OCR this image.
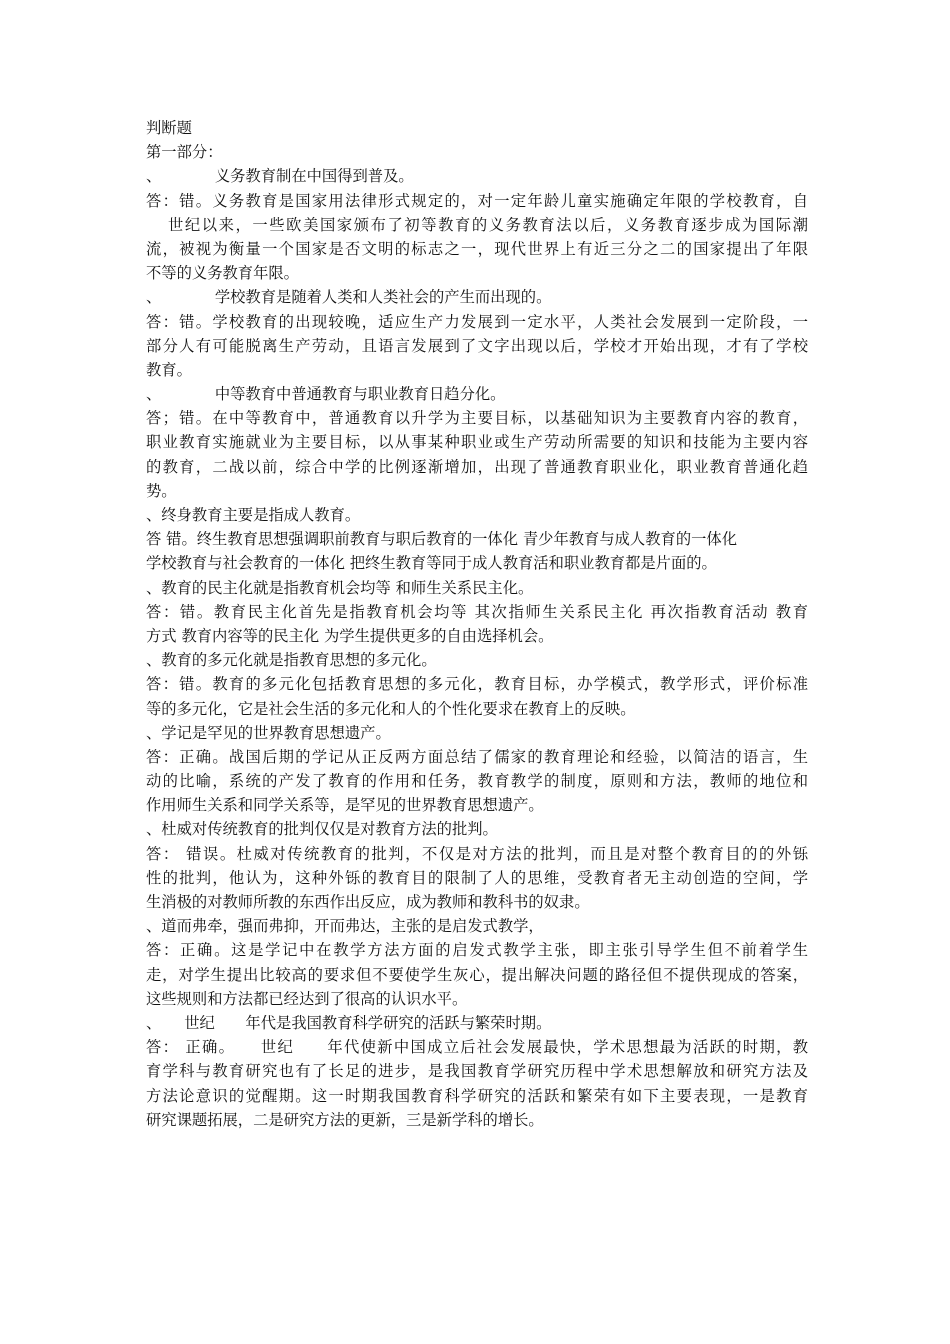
判断题
第一部分：
、　　　　义务教育制在中国得到普及。
答：错。义务教育是国家用法律形式规定的，对一定年龄儿童实施确定年限的学校教育，自
世纪以来，一些欧美国家颁布了初等教育的义务教育法以后，义务教育逐步成为国际潮
流，被视为衡量一个国家是否文明的标志之一，现代世界上有近三分之二的国家提出了年限
不等的义务教育年限。
、　　　　学校教育是随着人类和人类社会的产生而出现的。
答：错。学校教育的出现较晚，适应生产力发展到一定水平，人类社会发展到一定阶段，一
部分人有可能脱离生产劳动，且语言发展到了文字出现以后，学校才开始出现，才有了学校
教育。
、　　　　中等教育中普通教育与职业教育日趋分化。
答；错。在中等教育中，普通教育以升学为主要目标，以基础知识为主要教育内容的教育，
职业教育实施就业为主要目标，以从事某种职业或生产劳动所需要的知识和技能为主要内容
的教育，二战以前，综合中学的比例逐渐增加，出现了普通教育职业化，职业教育普通化趋
势。
、终身教育主要是指成人教育。
答 错。终生教育思想强调职前教育与职后教育的一体化 青少年教育与成人教育的一体化
学校教育与社会教育的一体化 把终生教育等同于成人教育活和职业教育都是片面的。
、教育的民主化就是指教育机会均等 和师生关系民主化。
答：错。教育民主化首先是指教育机会均等 其次指师生关系民主化 再次指教育活动 教育
方式 教育内容等的民主化 为学生提供更多的自由选择机会。
、教育的多元化就是指教育思想的多元化。
答：错。教育的多元化包括教育思想的多元化，教育目标，办学模式，教学形式，评价标准
等的多元化，它是社会生活的多元化和人的个性化要求在教育上的反映。
、学记是罕见的世界教育思想遗产。
答：正确。战国后期的学记从正反两方面总结了儒家的教育理论和经验，以简洁的语言，生
动的比喻，系统的产发了教育的作用和任务，教育教学的制度，原则和方法，教师的地位和
作用师生关系和同学关系等，是罕见的世界教育思想遗产。
、杜威对传统教育的批判仅仅是对教育方法的批判。
答： 错误。杜威对传统教育的批判，不仅是对方法的批判，而且是对整个教育目的的外铄
性的批判，他认为，这种外铄的教育目的限制了人的思维，受教育者无主动创造的空间，学
生消极的对教师所教的东西作出反应，成为教师和教科书的奴隶。
、道而弗牵，强而弗抑，开而弗达，主张的是启发式教学，
答：正确。这是学记中在教学方法方面的启发式教学主张，即主张引导学生但不前着学生
走，对学生提出比较高的要求但不要使学生灰心，提出解决问题的路径但不提供现成的答案，
这些规则和方法都已经达到了很高的认识水平。
、　　世纪　　年代是我国教育科学研究的活跃与繁荣时期。
答： 正确。　　世纪　　年代使新中国成立后社会发展最快，学术思想最为活跃的时期，教
育学科与教育研究也有了长足的进步，是我国教育学研究历程中学术思想解放和研究方法及
方法论意识的觉醒期。这一时期我国教育科学研究的活跃和繁荣有如下主要表现，一是教育
研究课题拓展，二是研究方法的更新，三是新学科的增长。
